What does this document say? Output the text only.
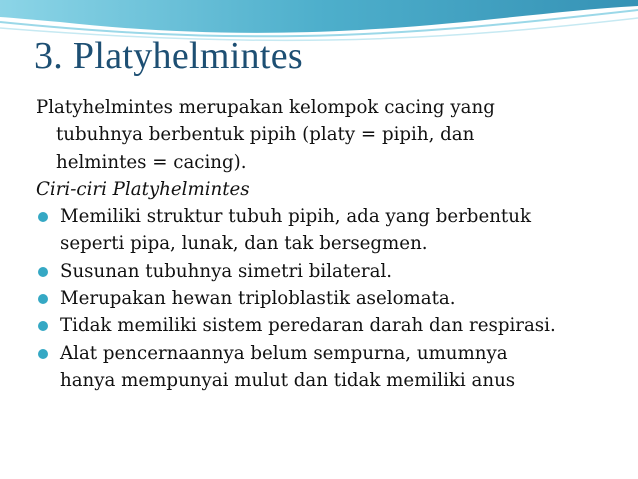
3. Platyhelmintes

Platyhelmintes merupakan kelompok cacing yang
tubuhnya berbentuk pipih (platy = pipih, dan
helmintes = cacing).

Ciri-ciri Platyhelmintes

Memiliki struktur tubuh pipih, ada yang berbentuk
seperti pipa, lunak, dan tak bersegmen.
Susunan tubuhnya simetri bilateral.
Merupakan hewan triploblastik aselomata.
Tidak memiliki sistem peredaran darah dan respirasi.
Alat pencernaannya belum sempurna, umumnya
hanya mempunyai mulut dan tidak memiliki anus
